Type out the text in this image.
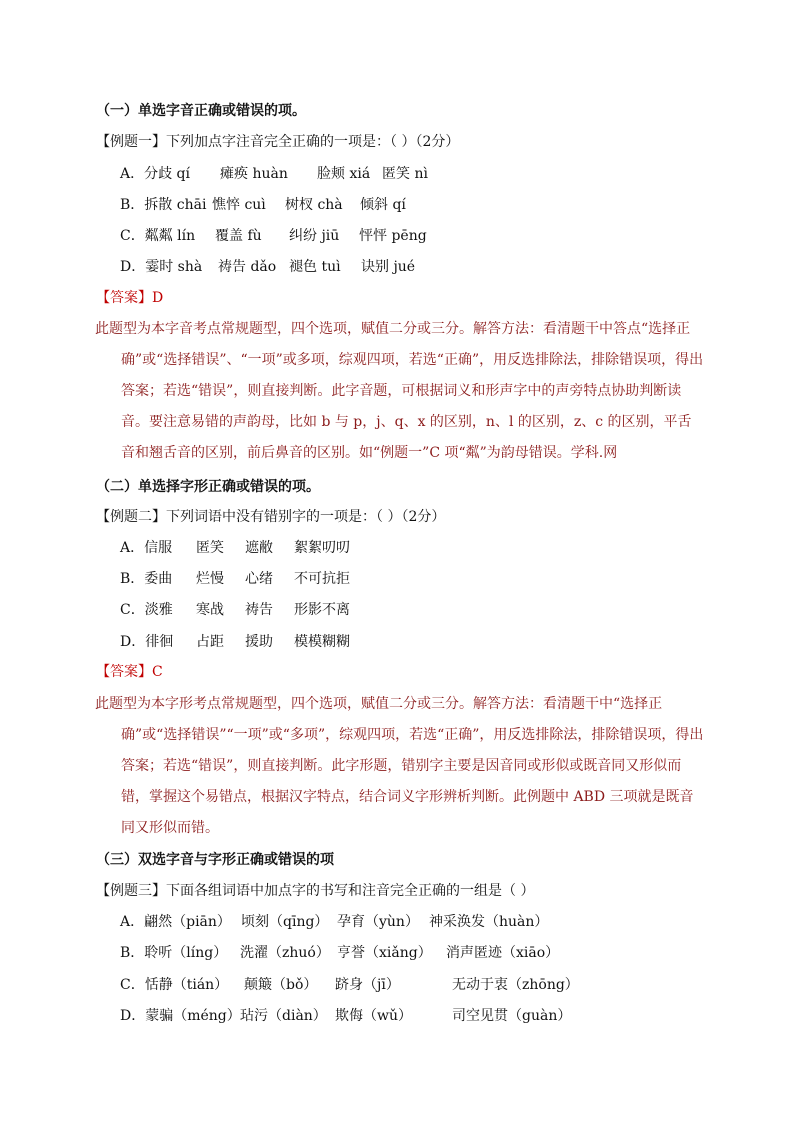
（一）单选字音正确或错误的项。
【例题一】下列加点字注音完全正确的一项是：（ ）（2分）
A．分歧 qí 瘫痪 huàn 脸颊 xiá 匿笑 nì
B．拆散 chāi 憔悴 cuì 树杈 chà 倾斜 qí
C．粼粼 lín 覆盖 fù 纠纷 jiū 怦怦 pēng
D．霎时 shà 祷告 dǎo 褪色 tuì 诀别 jué
【答案】D
此题型为本字音考点常规题型，四个选项，赋值二分或三分。解答方法：看清题干中答点“选择正确”或“选择错误”、“一项”或多项，综观四项，若选“正确”，用反选排除法，排除错误项，得出答案；若选“错误”，则直接判断。此字音题，可根据词义和形声字中的声旁特点协助判断读音。要注意易错的声韵母，比如 b 与 p，j、q、x 的区别，n、l 的区别，z、c 的区别，平舌音和翘舌音的区别，前后鼻音的区别。如“例题一”C 项“粼”为韵母错误。学科.网
（二）单选择字形正确或错误的项。
【例题二】下列词语中没有错别字的一项是：（ ）（2分）
A．信服 匿笑 遮敝 絮絮叨叨
B．委曲 烂慢 心绪 不可抗拒
C．淡雅 寒战 祷告 形影不离
D．徘徊 占距 援助 模模糊糊
【答案】C
此题型为本字形考点常规题型，四个选项，赋值二分或三分。解答方法：看清题干中“选择正确”或“选择错误”“一项”或“多项”，综观四项，若选“正确”，用反选排除法，排除错误项，得出答案；若选“错误”，则直接判断。此字形题，错别字主要是因音同或形似或既音同又形似而错，掌握这个易错点，根据汉字特点，结合词义字形辨析判断。此例题中 ABD 三项就是既音同又形似而错。
（三）双选字音与字形正确或错误的项
【例题三】下面各组词语中加点字的书写和注音完全正确的一组是（ ）
A．翩然（piān） 顷刻（qīng） 孕育（yùn） 神采涣发（huàn）
B．聆听（líng） 洗濯（zhuó） 亨誉（xiǎng） 消声匿迹（xiāo）
C．恬静（tián） 颠簸（bǒ） 跻身（jī）	无动于衷（zhōng）
D．蒙骗（méng）玷污（diàn） 欺侮（wǔ）	司空见贯（guàn）
